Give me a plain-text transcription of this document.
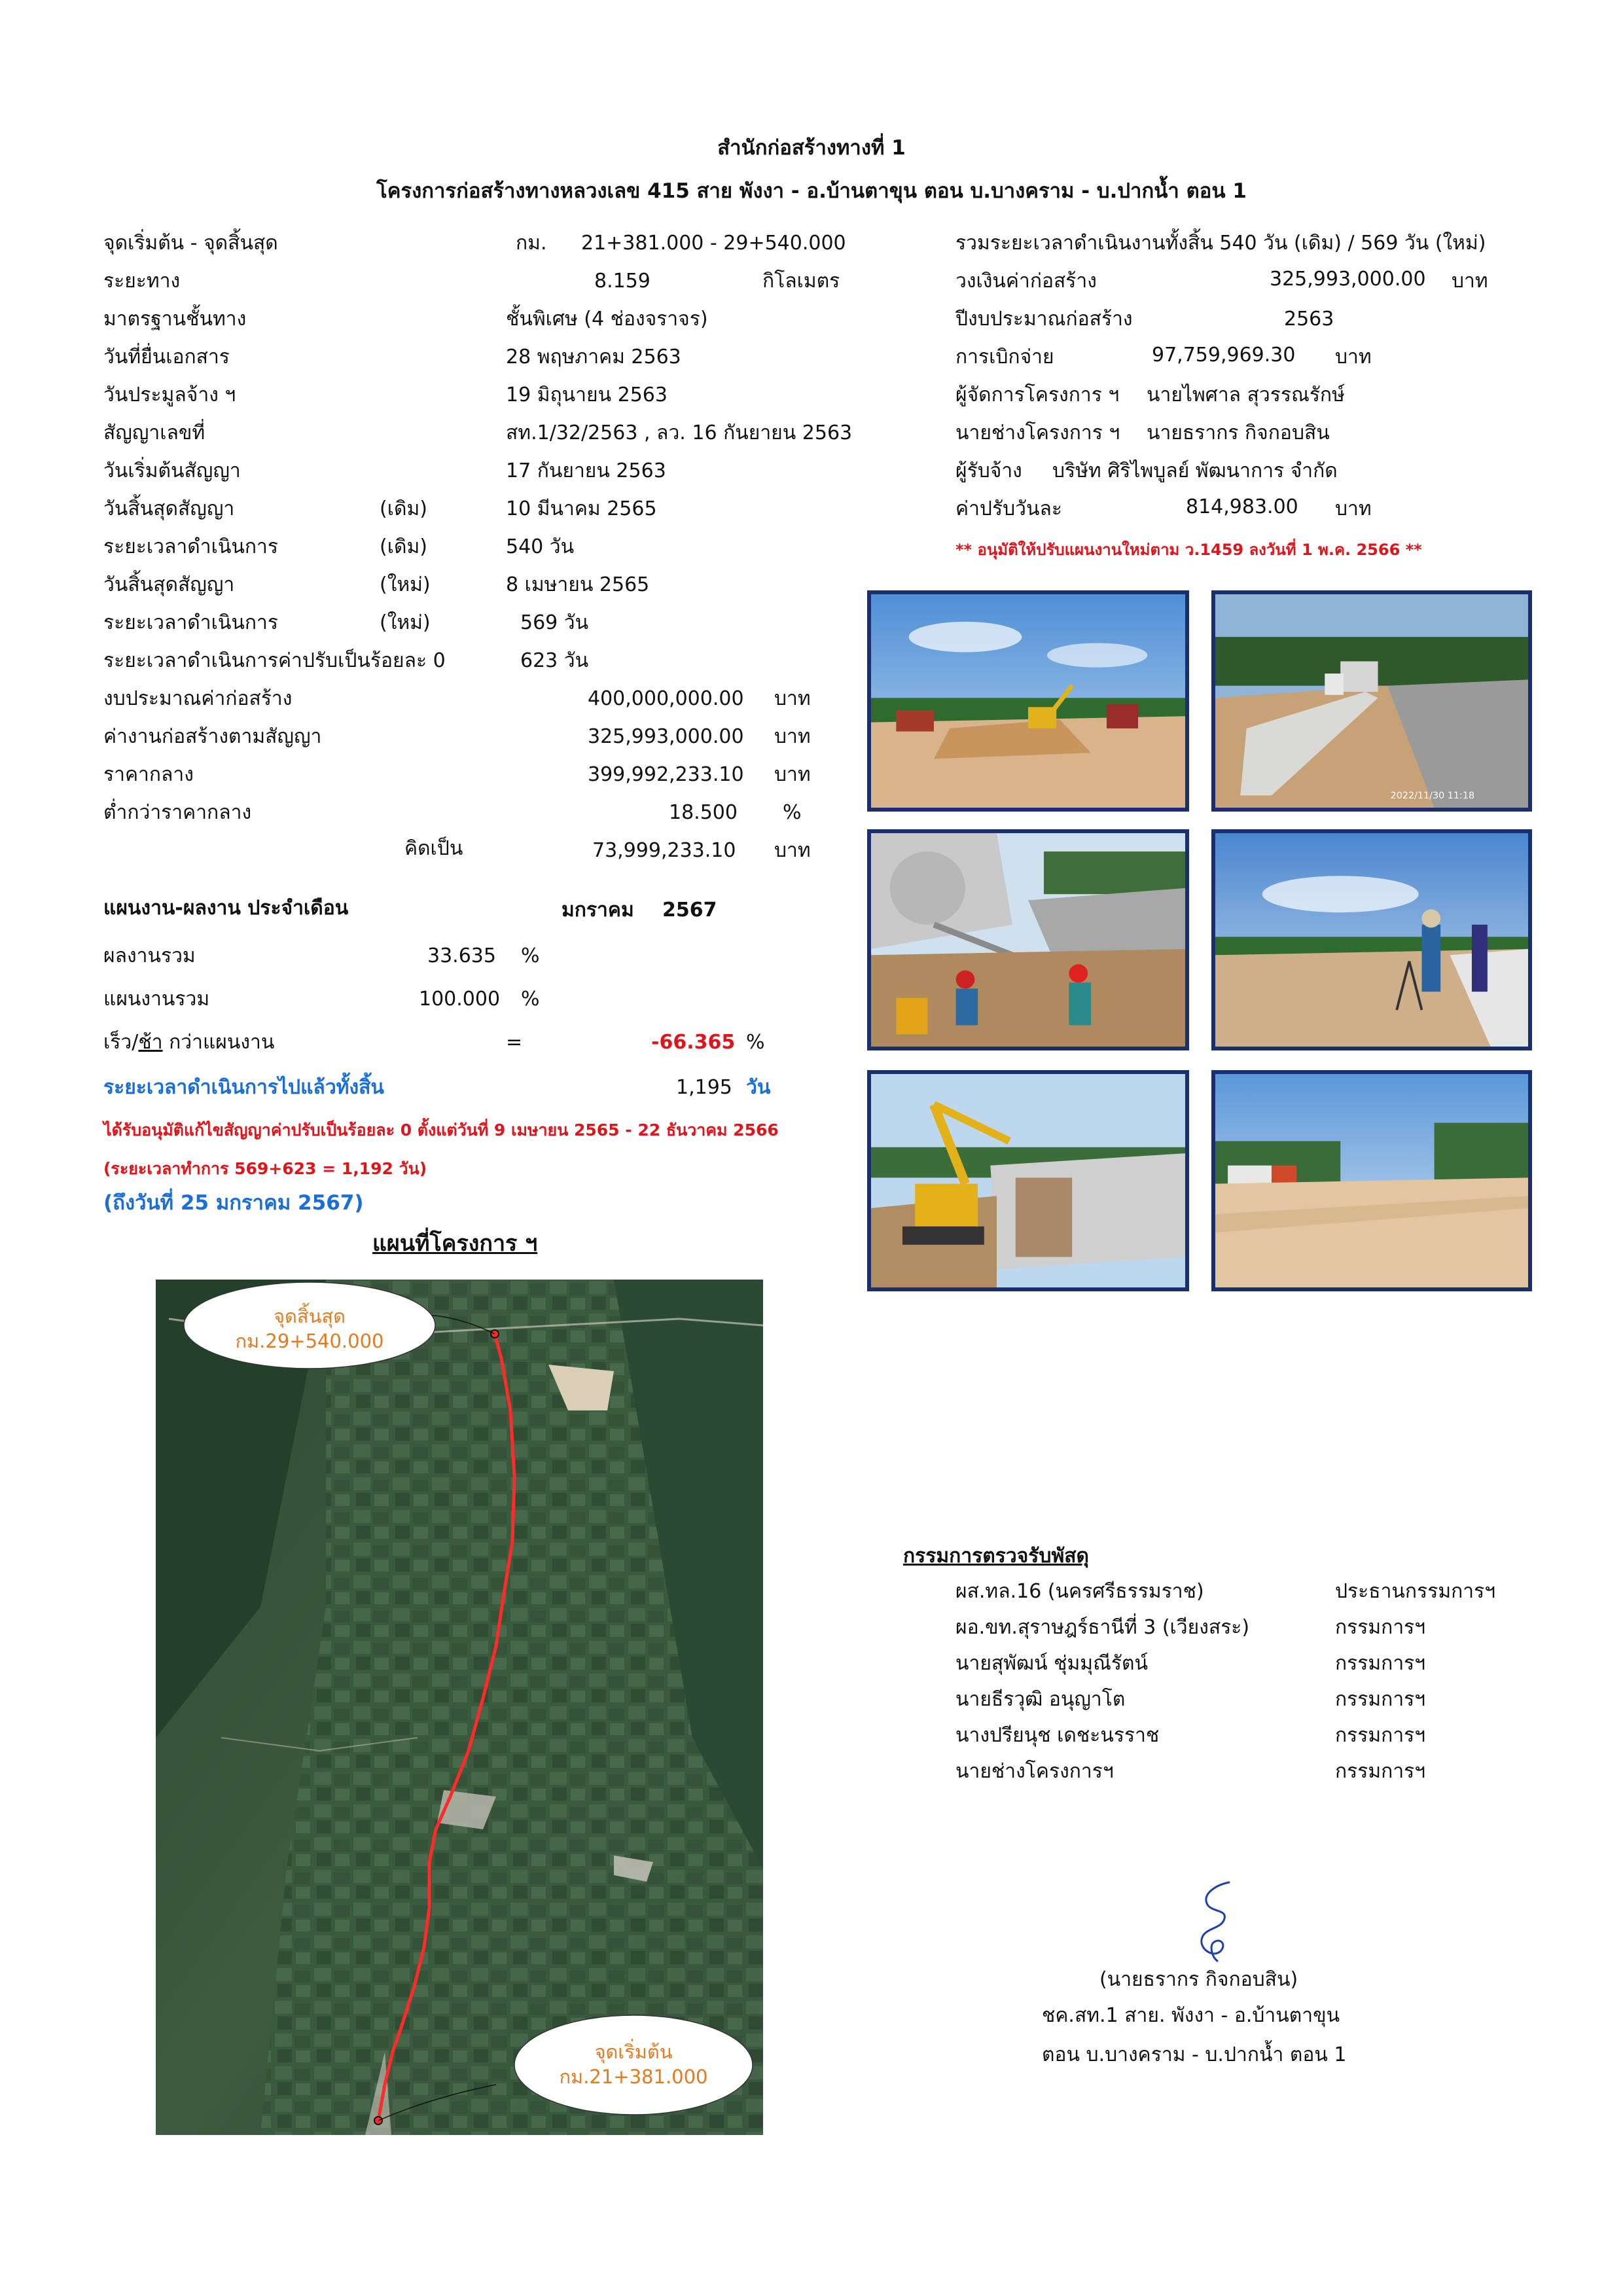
สำนักก่อสร้างทางที่ 1
โครงการก่อสร้างทางหลวงเลข 415 สาย พังงา - อ.บ้านตาขุน ตอน บ.บางคราม - บ.ปากน้ำ ตอน 1
จุดเริ่มต้น - จุดสิ้นสุด	กม. 21+381.000 - 29+540.000
ระยะทาง	8.159	กิโลเมตร
มาตรฐานชั้นทาง	ชั้นพิเศษ (4 ช่องจราจร)
วันที่ยื่นเอกสาร	28 พฤษภาคม 2563
วันประมูลจ้าง ฯ	19 มิถุนายน 2563
สัญญาเลขที่	สท.1/32/2563 , ลว. 16 กันยายน 2563
วันเริ่มต้นสัญญา	17 กันยายน 2563
วันสิ้นสุดสัญญา	(เดิม)	10 มีนาคม 2565
ระยะเวลาดำเนินการ	(เดิม)	540 วัน
วันสิ้นสุดสัญญา	(ใหม่)	8 เมษายน 2565
ระยะเวลาดำเนินการ	(ใหม่)	569 วัน
ระยะเวลาดำเนินการค่าปรับเป็นร้อยละ 0	623 วัน
งบประมาณค่าก่อสร้าง	400,000,000.00 บาท
ค่างานก่อสร้างตามสัญญา	325,993,000.00 บาท
ราคากลาง	399,992,233.10 บาท
ต่ำกว่าราคากลาง	18.500 %
คิดเป็น	73,999,233.10 บาท
แผนงาน-ผลงาน ประจำเดือน	มกราคม 2567
ผลงานรวม	33.635 %
แผนงานรวม	100.000 %
เร็ว/ช้า กว่าแผนงาน	=	-66.365 %
ระยะเวลาดำเนินการไปแล้วทั้งสิ้น	1,195 วัน
ได้รับอนุมัติแก้ไขสัญญาค่าปรับเป็นร้อยละ 0 ตั้งแต่วันที่ 9 เมษายน 2565 - 22 ธันวาคม 2566
(ระยะเวลาทำการ 569+623 = 1,192 วัน)
(ถึงวันที่ 25 มกราคม 2567)
รวมระยะเวลาดำเนินงานทั้งสิ้น 540 วัน (เดิม) / 569 วัน (ใหม่)
วงเงินค่าก่อสร้าง	325,993,000.00 บาท
ปีงบประมาณก่อสร้าง	2563
การเบิกจ่าย	97,759,969.30 บาท
ผู้จัดการโครงการ ฯ นายไพศาล สุวรรณรักษ์
นายช่างโครงการ ฯ นายธรากร กิจกอบสิน
ผู้รับจ้าง บริษัท ศิริไพบูลย์ พัฒนาการ จำกัด
ค่าปรับวันละ	814,983.00 บาท
** อนุมัติให้ปรับแผนงานใหม่ตาม ว.1459 ลงวันที่ 1 พ.ค. 2566 **
2022/11/30 11:18
แผนที่โครงการ ฯ
จุดสิ้นสุด
กม.29+540.000
จุดเริ่มต้น
กม.21+381.000
กรรมการตรวจรับพัสดุ
ผส.ทล.16 (นครศรีธรรมราช)	ประธานกรรมการฯ
ผอ.ขท.สุราษฎร์ธานีที่ 3 (เวียงสระ)	กรรมการฯ
นายสุพัฒน์ ชุ่มมุณีรัตน์	กรรมการฯ
นายธีรวุฒิ อนุญาโต	กรรมการฯ
นางปรียนุช เดชะนรราช	กรรมการฯ
นายช่างโครงการฯ	กรรมการฯ
(นายธรากร กิจกอบสิน)
ชค.สท.1 สาย. พังงา - อ.บ้านตาขุน
ตอน บ.บางคราม - บ.ปากน้ำ ตอน 1
